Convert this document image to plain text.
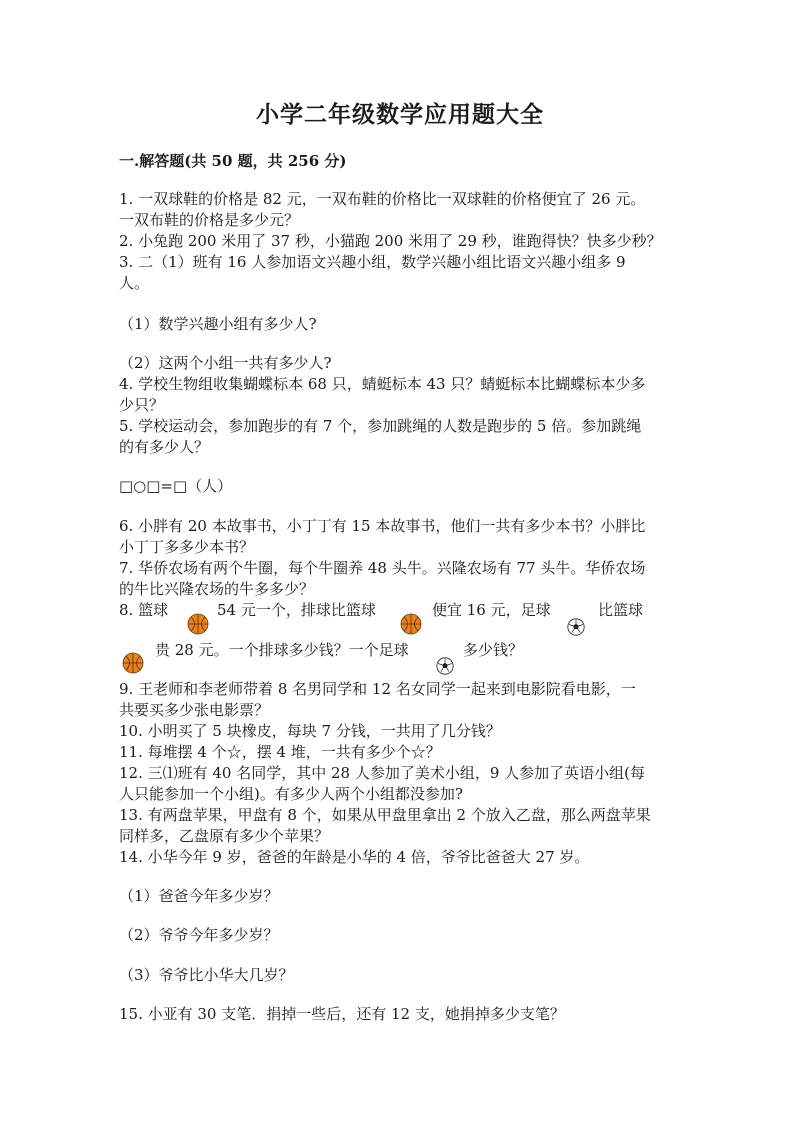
小学二年级数学应用题大全
一.解答题(共 50 题，共 256 分)
1. 一双球鞋的价格是 82 元，一双布鞋的价格比一双球鞋的价格便宜了 26 元。
一双布鞋的价格是多少元？
2. 小兔跑 200 米用了 37 秒，小猫跑 200 米用了 29 秒，谁跑得快？快多少秒？
3. 二（1）班有 16 人参加语文兴趣小组，数学兴趣小组比语文兴趣小组多 9
人。
（1）数学兴趣小组有多少人?
（2）这两个小组一共有多少人?
4. 学校生物组收集蝴蝶标本 68 只，蜻蜓标本 43 只？蜻蜓标本比蝴蝶标本少多
少只？
5. 学校运动会，参加跑步的有 7 个，参加跳绳的人数是跑步的 5 倍。参加跳绳
的有多少人？
□○□=□（人）
6. 小胖有 20 本故事书，小丁丁有 15 本故事书，他们一共有多少本书？小胖比
小丁丁多多少本书？
7. 华侨农场有两个牛圈，每个牛圈养 48 头牛。兴隆农场有 77 头牛。华侨农场
的牛比兴隆农场的牛多多少？
8. 篮球	54 元一个，排球比篮球	便宜 16 元，足球	比篮球
贵 28 元。一个排球多少钱？一个足球	多少钱？
9. 王老师和李老师带着 8 名男同学和 12 名女同学一起来到电影院看电影，一
共要买多少张电影票？
10. 小明买了 5 块橡皮，每块 7 分钱，一共用了几分钱？
11. 每堆摆 4 个☆，摆 4 堆，一共有多少个☆？
12. 三⑴班有 40 名同学，其中 28 人参加了美术小组，9 人参加了英语小组(每
人只能参加一个小组)。有多少人两个小组都没参加?
13. 有两盘苹果，甲盘有 8 个，如果从甲盘里拿出 2 个放入乙盘，那么两盘苹果
同样多，乙盘原有多少个苹果？
14. 小华今年 9 岁，爸爸的年龄是小华的 4 倍，爷爷比爸爸大 27 岁。
（1）爸爸今年多少岁？
（2）爷爷今年多少岁？
（3）爷爷比小华大几岁？
15. 小亚有 30 支笔．捐掉一些后，还有 12 支，她捐掉多少支笔？
